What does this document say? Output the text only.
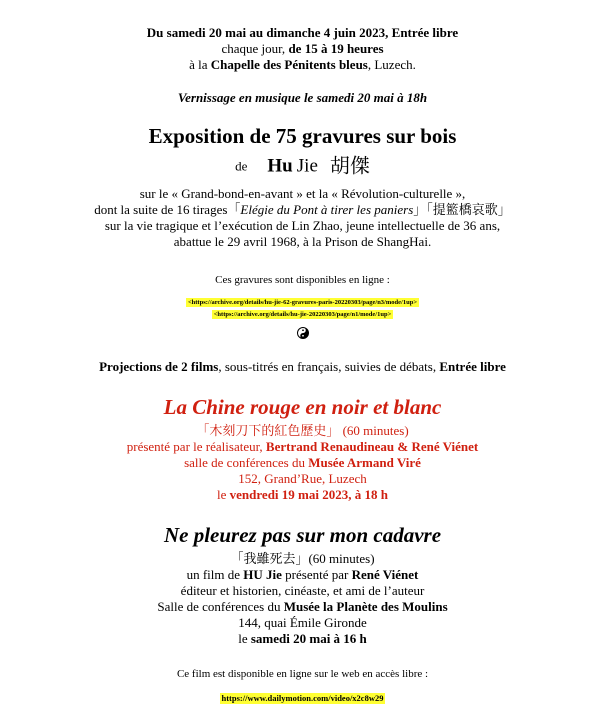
Du samedi 20 mai au dimanche 4 juin 2023, Entrée libre
chaque jour, de 15 à 19 heures
à la Chapelle des Pénitents bleus, Luzech.
Vernissage en musique le samedi 20 mai à 18h
Exposition de 75 gravures sur bois
de Hu Jie 胡傑
sur le « Grand-bond-en-avant » et la « Révolution-culturelle »,
dont la suite de 16 tirages「Elégie du Pont à tirer les paniers」「提籃橋哀歌」
sur la vie tragique et l’exécution de Lin Zhao, jeune intellectuelle de 36 ans,
abattue le 29 avril 1968, à la Prison de ShangHai.
Ces gravures sont disponibles en ligne :
<https://archive.org/details/hu-jie-62-gravures-paris-20220303/page/n3/mode/1up>
<https://archive.org/details/hu-jie-20220303/page/n1/mode/1up>
Projections de 2 films, sous-titrés en français, suivies de débats, Entrée libre
La Chine rouge en noir et blanc
「木刻刀下的紅色歷史」 (60 minutes)
présenté par le réalisateur, Bertrand Renaudineau & René Viénet
salle de conférences du Musée Armand Viré
152, Grand’Rue, Luzech
le vendredi 19 mai 2023, à 18 h
Ne pleurez pas sur mon cadavre
「我雖死去」(60 minutes)
un film de HU Jie présenté par René Viénet
éditeur et historien, cinéaste, et ami de l’auteur
Salle de conférences du Musée la Planète des Moulins
144, quai Émile Gironde
le samedi 20 mai à 16 h
Ce film est disponible en ligne sur le web en accès libre :
https://www.dailymotion.com/video/x2c8w29
